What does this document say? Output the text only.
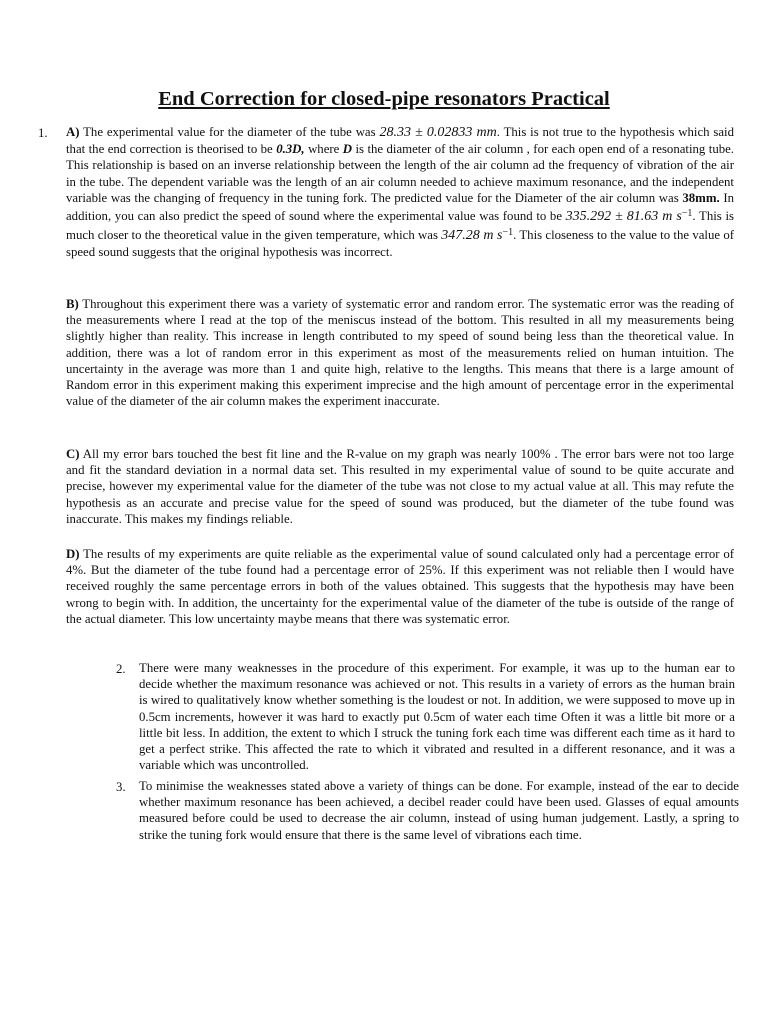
End Correction for closed-pipe resonators Practical
1. A) The experimental value for the diameter of the tube was 28.33 ± 0.02833 mm. This is not true to the hypothesis which said that the end correction is theorised to be 0.3D, where D is the diameter of the air column , for each open end of a resonating tube. This relationship is based on an inverse relationship between the length of the air column ad the frequency of vibration of the air in the tube. The dependent variable was the length of an air column needed to achieve maximum resonance, and the independent variable was the changing of frequency in the tuning fork. The predicted value for the Diameter of the air column was 38mm. In addition, you can also predict the speed of sound where the experimental value was found to be 335.292 ± 81.63 m $s^{-1}$. This is much closer to the theoretical value in the given temperature, which was 347.28 m $s^{-1}$. This closeness to the value to the value of speed sound suggests that the original hypothesis was incorrect.
B) Throughout this experiment there was a variety of systematic error and random error. The systematic error was the reading of the measurements where I read at the top of the meniscus instead of the bottom. This resulted in all my measurements being slightly higher than reality. This increase in length contributed to my speed of sound being less than the theoretical value. In addition, there was a lot of random error in this experiment as most of the measurements relied on human intuition. The uncertainty in the average was more than 1 and quite high, relative to the lengths. This means that there is a large amount of Random error in this experiment making this experiment imprecise and the high amount of percentage error in the experimental value of the diameter of the air column makes the experiment inaccurate.
C) All my error bars touched the best fit line and the R-value on my graph was nearly 100% . The error bars were not too large and fit the standard deviation in a normal data set. This resulted in my experimental value of sound to be quite accurate and precise, however my experimental value for the diameter of the tube was not close to my actual value at all. This may refute the hypothesis as an accurate and precise value for the speed of sound was produced, but the diameter of the tube found was inaccurate. This makes my findings reliable.
D) The results of my experiments are quite reliable as the experimental value of sound calculated only had a percentage error of 4%. But the diameter of the tube found had a percentage error of 25%. If this experiment was not reliable then I would have received roughly the same percentage errors in both of the values obtained. This suggests that the hypothesis may have been wrong to begin with. In addition, the uncertainty for the experimental value of the diameter of the tube is outside of the range of the actual diameter. This low uncertainty maybe means that there was systematic error.
2. There were many weaknesses in the procedure of this experiment. For example, it was up to the human ear to decide whether the maximum resonance was achieved or not. This results in a variety of errors as the human brain is wired to qualitatively know whether something is the loudest or not. In addition, we were supposed to move up in 0.5cm increments, however it was hard to exactly put 0.5cm of water each time Often it was a little bit more or a little bit less. In addition, the extent to which I struck the tuning fork each time was different each time as it hard to get a perfect strike. This affected the rate to which it vibrated and resulted in a different resonance, and it was a variable which was uncontrolled.
3. To minimise the weaknesses stated above a variety of things can be done. For example, instead of the ear to decide whether maximum resonance has been achieved, a decibel reader could have been used. Glasses of equal amounts measured before could be used to decrease the air column, instead of using human judgement. Lastly, a spring to strike the tuning fork would ensure that there is the same level of vibrations each time.
